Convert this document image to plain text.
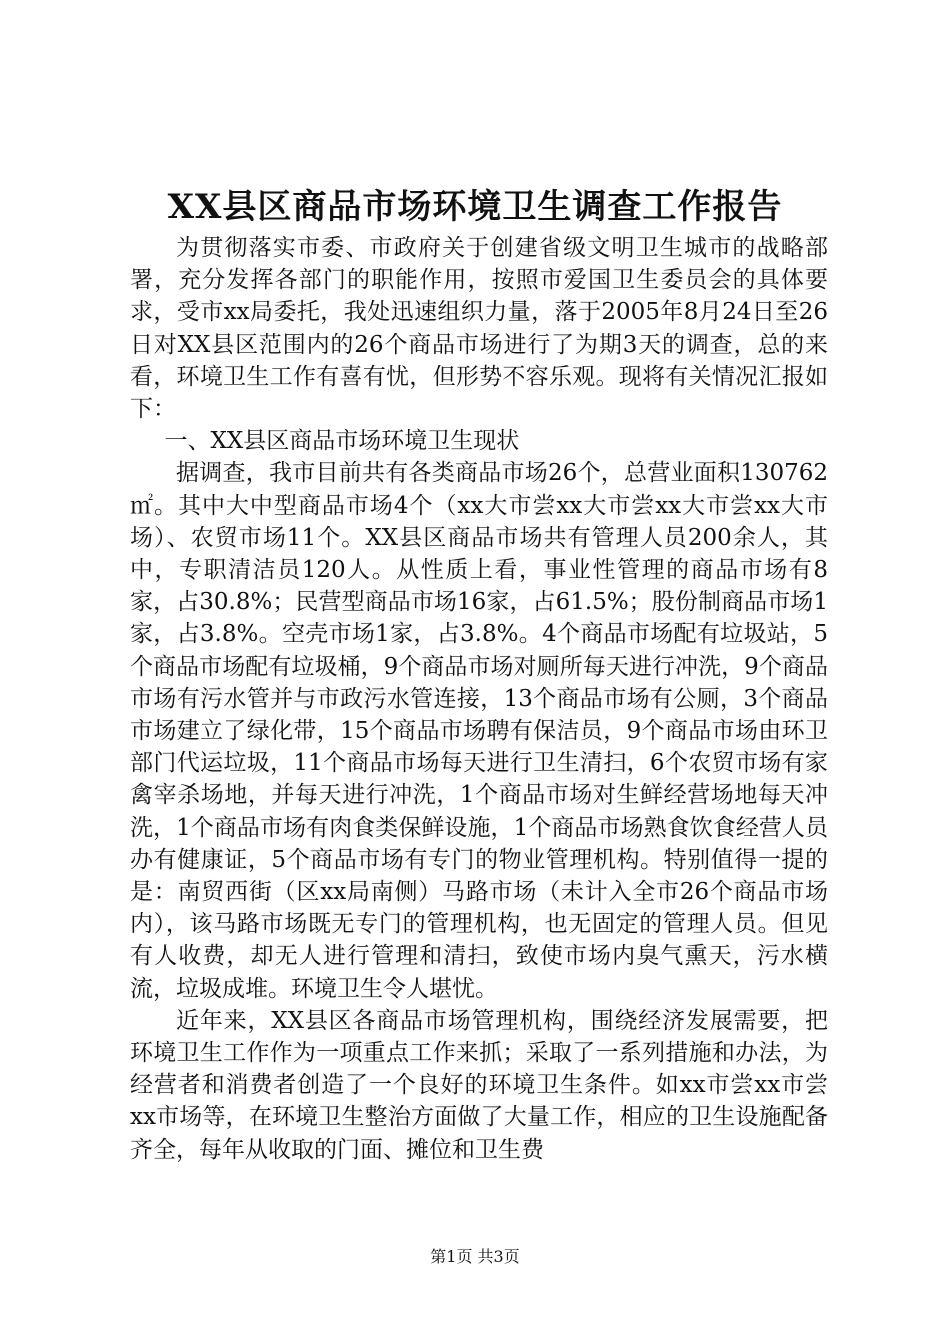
XX县区商品市场环境卫生调查工作报告

为贯彻落实市委、市政府关于创建省级文明卫生城市的战略部署，充分发挥各部门的职能作用，按照市爱国卫生委员会的具体要求，受市xx局委托，我处迅速组织力量，落于2005年8月24日至26日对XX县区范围内的26个商品市场进行了为期3天的调查，总的来看，环境卫生工作有喜有忧，但形势不容乐观。现将有关情况汇报如下：

一、XX县区商品市场环境卫生现状

据调查，我市目前共有各类商品市场26个，总营业面积130762㎡。其中大中型商品市场4个（xx大市尝xx大市尝xx大市尝xx大市场）、农贸市场11个。XX县区商品市场共有管理人员200余人，其中，专职清洁员120人。从性质上看，事业性管理的商品市场有8家，占30.8%；民营型商品市场16家，占61.5%；股份制商品市场1家，占3.8%。空壳市场1家，占3.8%。4个商品市场配有垃圾站，5个商品市场配有垃圾桶，9个商品市场对厕所每天进行冲洗，9个商品市场有污水管并与市政污水管连接，13个商品市场有公厕，3个商品市场建立了绿化带，15个商品市场聘有保洁员，9个商品市场由环卫部门代运垃圾，11个商品市场每天进行卫生清扫，6个农贸市场有家禽宰杀场地，并每天进行冲洗，1个商品市场对生鲜经营场地每天冲洗，1个商品市场有肉食类保鲜设施，1个商品市场熟食饮食经营人员办有健康证，5个商品市场有专门的物业管理机构。特别值得一提的是：南贸西街（区xx局南侧）马路市场（未计入全市26个商品市场内），该马路市场既无专门的管理机构，也无固定的管理人员。但见有人收费，却无人进行管理和清扫，致使市场内臭气熏天，污水横流，垃圾成堆。环境卫生令人堪忧。

近年来，XX县区各商品市场管理机构，围绕经济发展需要，把环境卫生工作作为一项重点工作来抓；采取了一系列措施和办法，为经营者和消费者创造了一个良好的环境卫生条件。如xx市尝xx市尝xx市场等，在环境卫生整治方面做了大量工作，相应的卫生设施配备齐全，每年从收取的门面、摊位和卫生费

第1页 共3页
